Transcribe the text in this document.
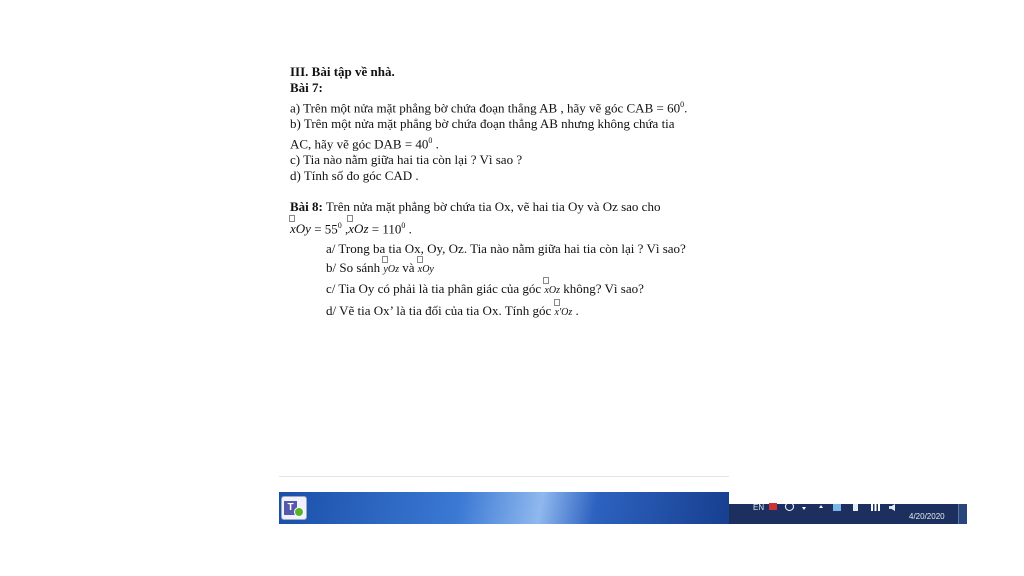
III. Bài tập về nhà.

Bài 7:

a) Trên một nửa mặt phẳng bờ chứa đoạn thẳng AB , hãy vẽ góc CAB = $60^0$.

b) Trên một nửa mặt phẳng bờ chứa đoạn thẳng AB nhưng không chứa tia

AC, hãy vẽ góc DAB = $40^0$ .

c) Tia nào nằm giữa hai tia còn lại ? Vì sao ?

d) Tính số đo góc CAD .

Bài 8: Trên nửa mặt phẳng bờ chứa tia Ox, vẽ hai tia Oy và Oz sao cho

xOy = $55^0$ ,
xOz = $110^0$ .

a/ Trong ba tia Ox, Oy, Oz. Tia nào nằm giữa hai tia còn lại ? Vì sao?

b/ So sánh
yOz và
xOy

c/ Tia Oy có phải là tia phân giác của góc
xOz không? Vì sao?

d/ Vẽ tia Ox’ là tia đối của tia Ox. Tính góc
x'Oz .

T	EN
4/20/2020
